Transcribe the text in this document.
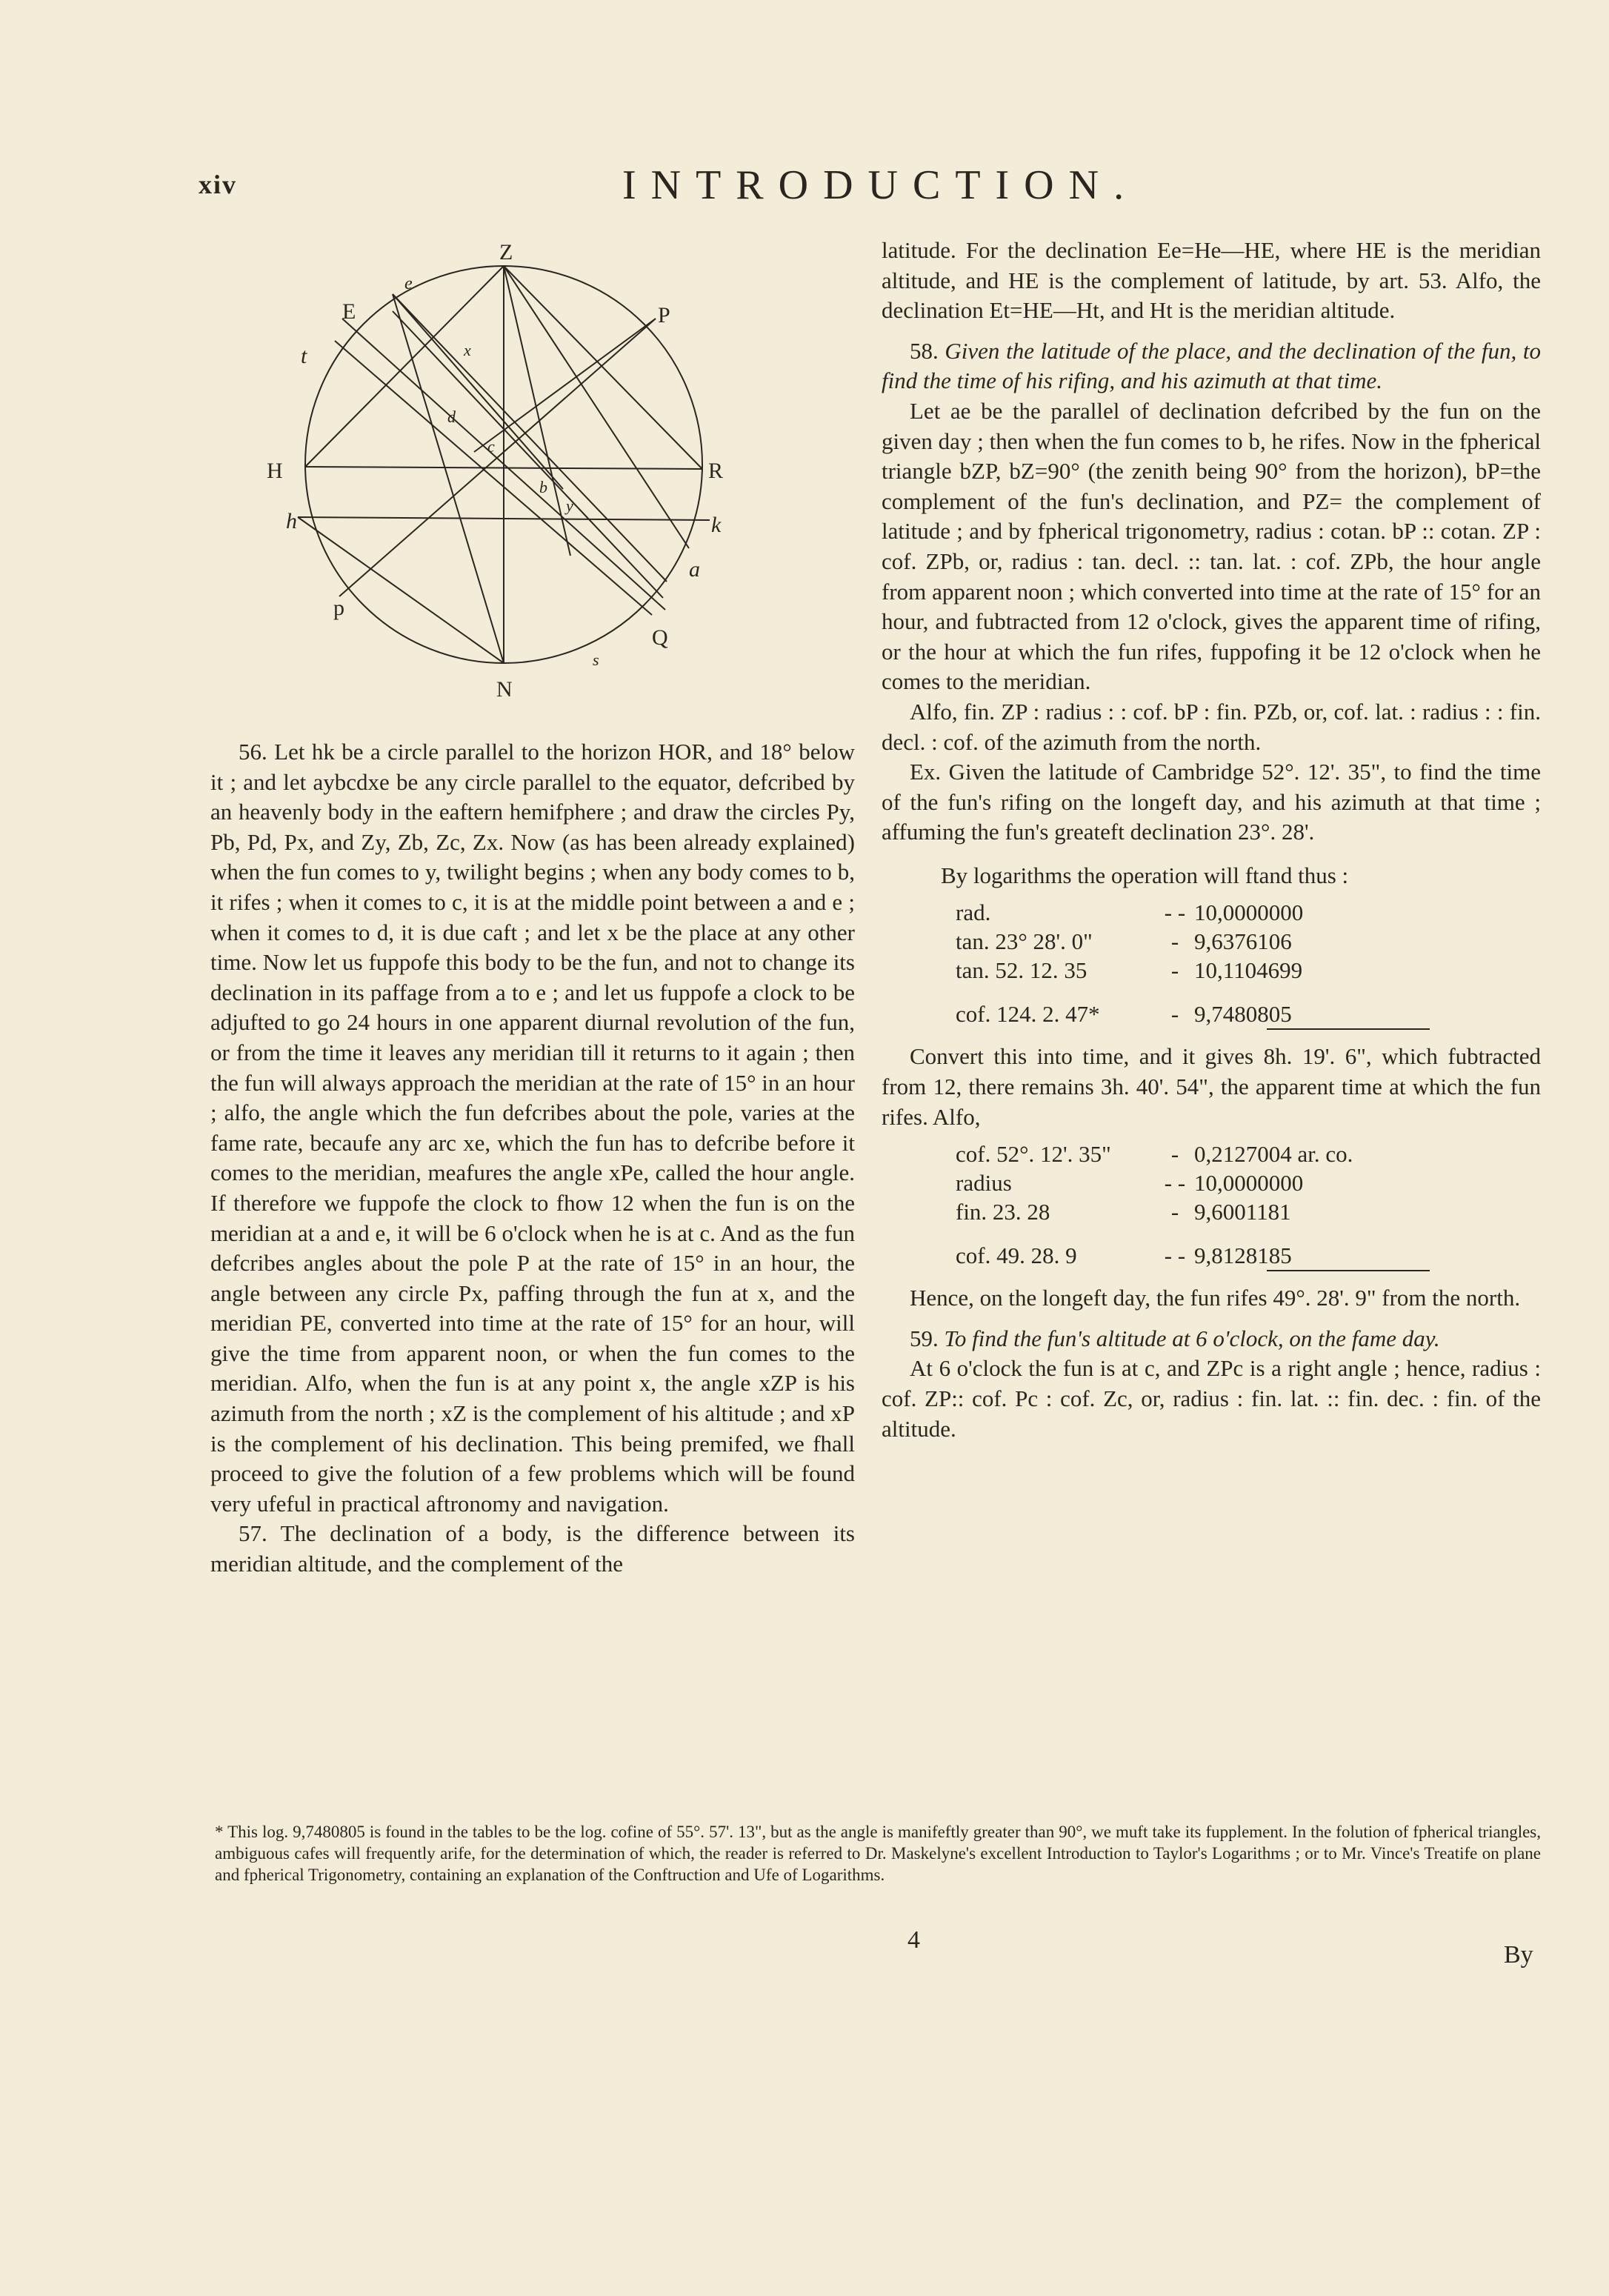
xiv	INTRODUCTION.
Z
e
E	P
t	x
d
c
b
y
H	R
h	k
a
p
Q
s
N

56. Let hk be a circle parallel to the horizon HOR, and 18° below it ; and let aybcdxe be any circle parallel to the equator, defcribed by an heavenly body in the eaftern hemifphere ; and draw the circles Py, Pb, Pd, Px, and Zy, Zb, Zc, Zx. Now (as has been already explained) when the fun comes to y, twilight begins ; when any body comes to b, it rifes ; when it comes to c, it is at the middle point between a and e ; when it comes to d, it is due caft ; and let x be the place at any other time. Now let us fuppofe this body to be the fun, and not to change its declination in its paffage from a to e ; and let us fuppofe a clock to be adjufted to go 24 hours in one apparent diurnal revolution of the fun, or from the time it leaves any meridian till it returns to it again ; then the fun will always approach the meridian at the rate of 15° in an hour ; alfo, the angle which the fun defcribes about the pole, varies at the fame rate, becaufe any arc xe, which the fun has to defcribe before it comes to the meridian, meafures the angle xPe, called the hour angle. If therefore we fuppofe the clock to fhow 12 when the fun is on the meridian at a and e, it will be 6 o'clock when he is at c. And as the fun defcribes angles about the pole P at the rate of 15° in an hour, the angle between any circle Px, paffing through the fun at x, and the meridian PE, converted into time at the rate of 15° for an hour, will give the time from apparent noon, or when the fun comes to the meridian. Alfo, when the fun is at any point x, the angle xZP is his azimuth from the north ; xZ is the complement of his altitude ; and xP is the complement of his declination. This being premifed, we fhall proceed to give the folution of a few problems which will be found very ufeful in practical aftronomy and navigation.

57. The declination of a body, is the difference between its meridian altitude, and the complement of the

latitude. For the declination Ee=He—HE, where HE is the meridian altitude, and HE is the complement of latitude, by art. 53. Alfo, the declination Et=HE—Ht, and Ht is the meridian altitude.

58. Given the latitude of the place, and the declination of the fun, to find the time of his rifing, and his azimuth at that time.

Let ae be the parallel of declination defcribed by the fun on the given day ; then when the fun comes to b, he rifes. Now in the fpherical triangle bZP, bZ=90° (the zenith being 90° from the horizon), bP=the complement of the fun's declination, and PZ= the complement of latitude ; and by fpherical trigonometry, radius : cotan. bP :: cotan. ZP : cof. ZPb, or, radius : tan. decl. :: tan. lat. : cof. ZPb, the hour angle from apparent noon ; which converted into time at the rate of 15° for an hour, and fubtracted from 12 o'clock, gives the apparent time of rifing, or the hour at which the fun rifes, fuppofing it be 12 o'clock when he comes to the meridian.

Alfo, fin. ZP : radius : : cof. bP : fin. PZb, or, cof. lat. : radius : : fin. decl. : cof. of the azimuth from the north.

Ex. Given the latitude of Cambridge 52°. 12'. 35", to find the time of the fun's rifing on the longeft day, and his azimuth at that time ; affuming the fun's greateft declination 23°. 28'.

By logarithms the operation will ftand thus :

rad.	- - 10,0000000
tan. 23° 28'. 0"	- 9,6376106
tan. 52. 12. 35	- 10,1104699
cof. 124. 2. 47*	- 9,7480805

Convert this into time, and it gives 8h. 19'. 6", which fubtracted from 12, there remains 3h. 40'. 54", the apparent time at which the fun rifes. Alfo,

cof. 52°. 12'. 35"	- 0,2127004 ar. co.
radius	- - 10,0000000
fin. 23. 28	- 9,6001181
cof. 49. 28. 9	- - 9,8128185

Hence, on the longeft day, the fun rifes 49°. 28'. 9" from the north.

59. To find the fun's altitude at 6 o'clock, on the fame day.

At 6 o'clock the fun is at c, and ZPc is a right angle ; hence, radius : cof. ZP:: cof. Pc : cof. Zc, or, radius : fin. lat. :: fin. dec. : fin. of the altitude.

* This log. 9,7480805 is found in the tables to be the log. cofine of 55°. 57'. 13", but as the angle is manifeftly greater than 90°, we muft take its fupplement. In the folution of fpherical triangles, ambiguous cafes will frequently arife, for the determination of which, the reader is referred to Dr. Maskelyne's excellent Introduction to Taylor's Logarithms ; or to Mr. Vince's Treatife on plane and fpherical Trigonometry, containing an explanation of the Conftruction and Ufe of Logarithms.
4
By
